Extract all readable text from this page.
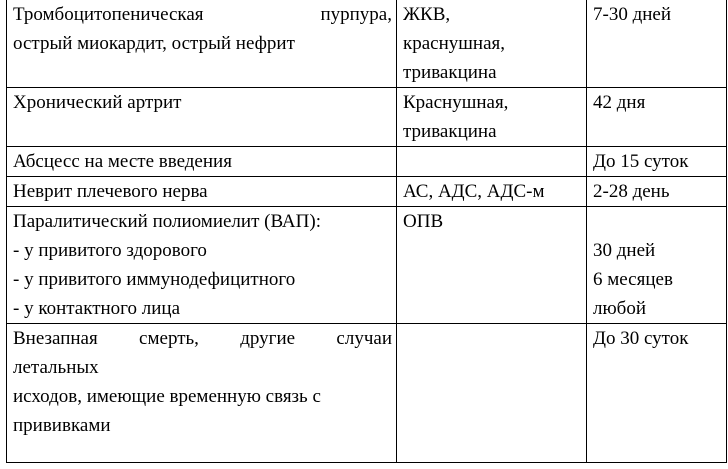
Тромбоцитопеническая пурпура,
острый миокардит, острый нефрит	ЖКВ,
краснушная,
тривакцина	7-30 дней

Хронический артрит	Краснушная,
тривакцина	42 дня

Абсцесс на месте введения		До 15 суток

Неврит плечевого нерва	АС, АДС, АДС-м	2-28 день

Паралитический полиомиелит (ВАП):
- у привитого здорового
- у привитого иммунодефицитного
- у контактного лица	ОПВ	30 дней
6 месяцев
любой

Внезапная смерть, другие случаи
летальных
исходов, имеющие временную связь с
прививками		До 30 суток
